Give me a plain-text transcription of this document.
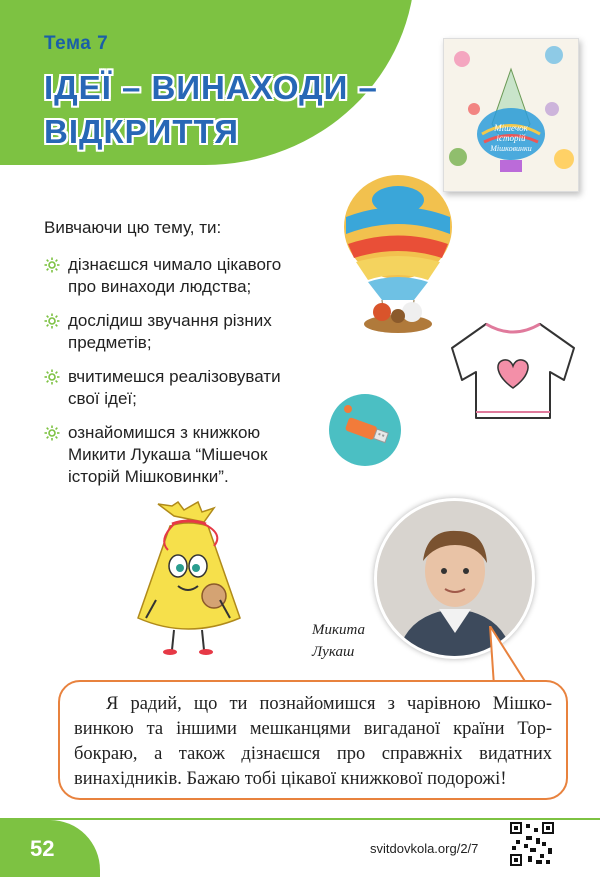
Тема 7
ІДЕЇ – ВИНАХОДИ –
ВІДКРИТТЯ	Мішечок
історій
Мішковинки
Вивчаючи цю тему, ти:
дізнаєшся чимало цікавого
про винаходи людства;
дослідиш звучання різних
предметів;
вчитимешся реалізовувати
свої ідеї;
ознайомишся з книжкою
Микити Лукаша “Мішечок
історій Мішковинки”.
Микита
Лукаш

Я радий, що ти познайомишся з чарівною Мішко- винкою та іншими мешканцями вигаданої країни Тор- бокраю, а також дізнаєшся про справжніх видатних винахідників. Бажаю тобі цікавої книжкової подорожі!

52	svitdovkola.org/2/7
